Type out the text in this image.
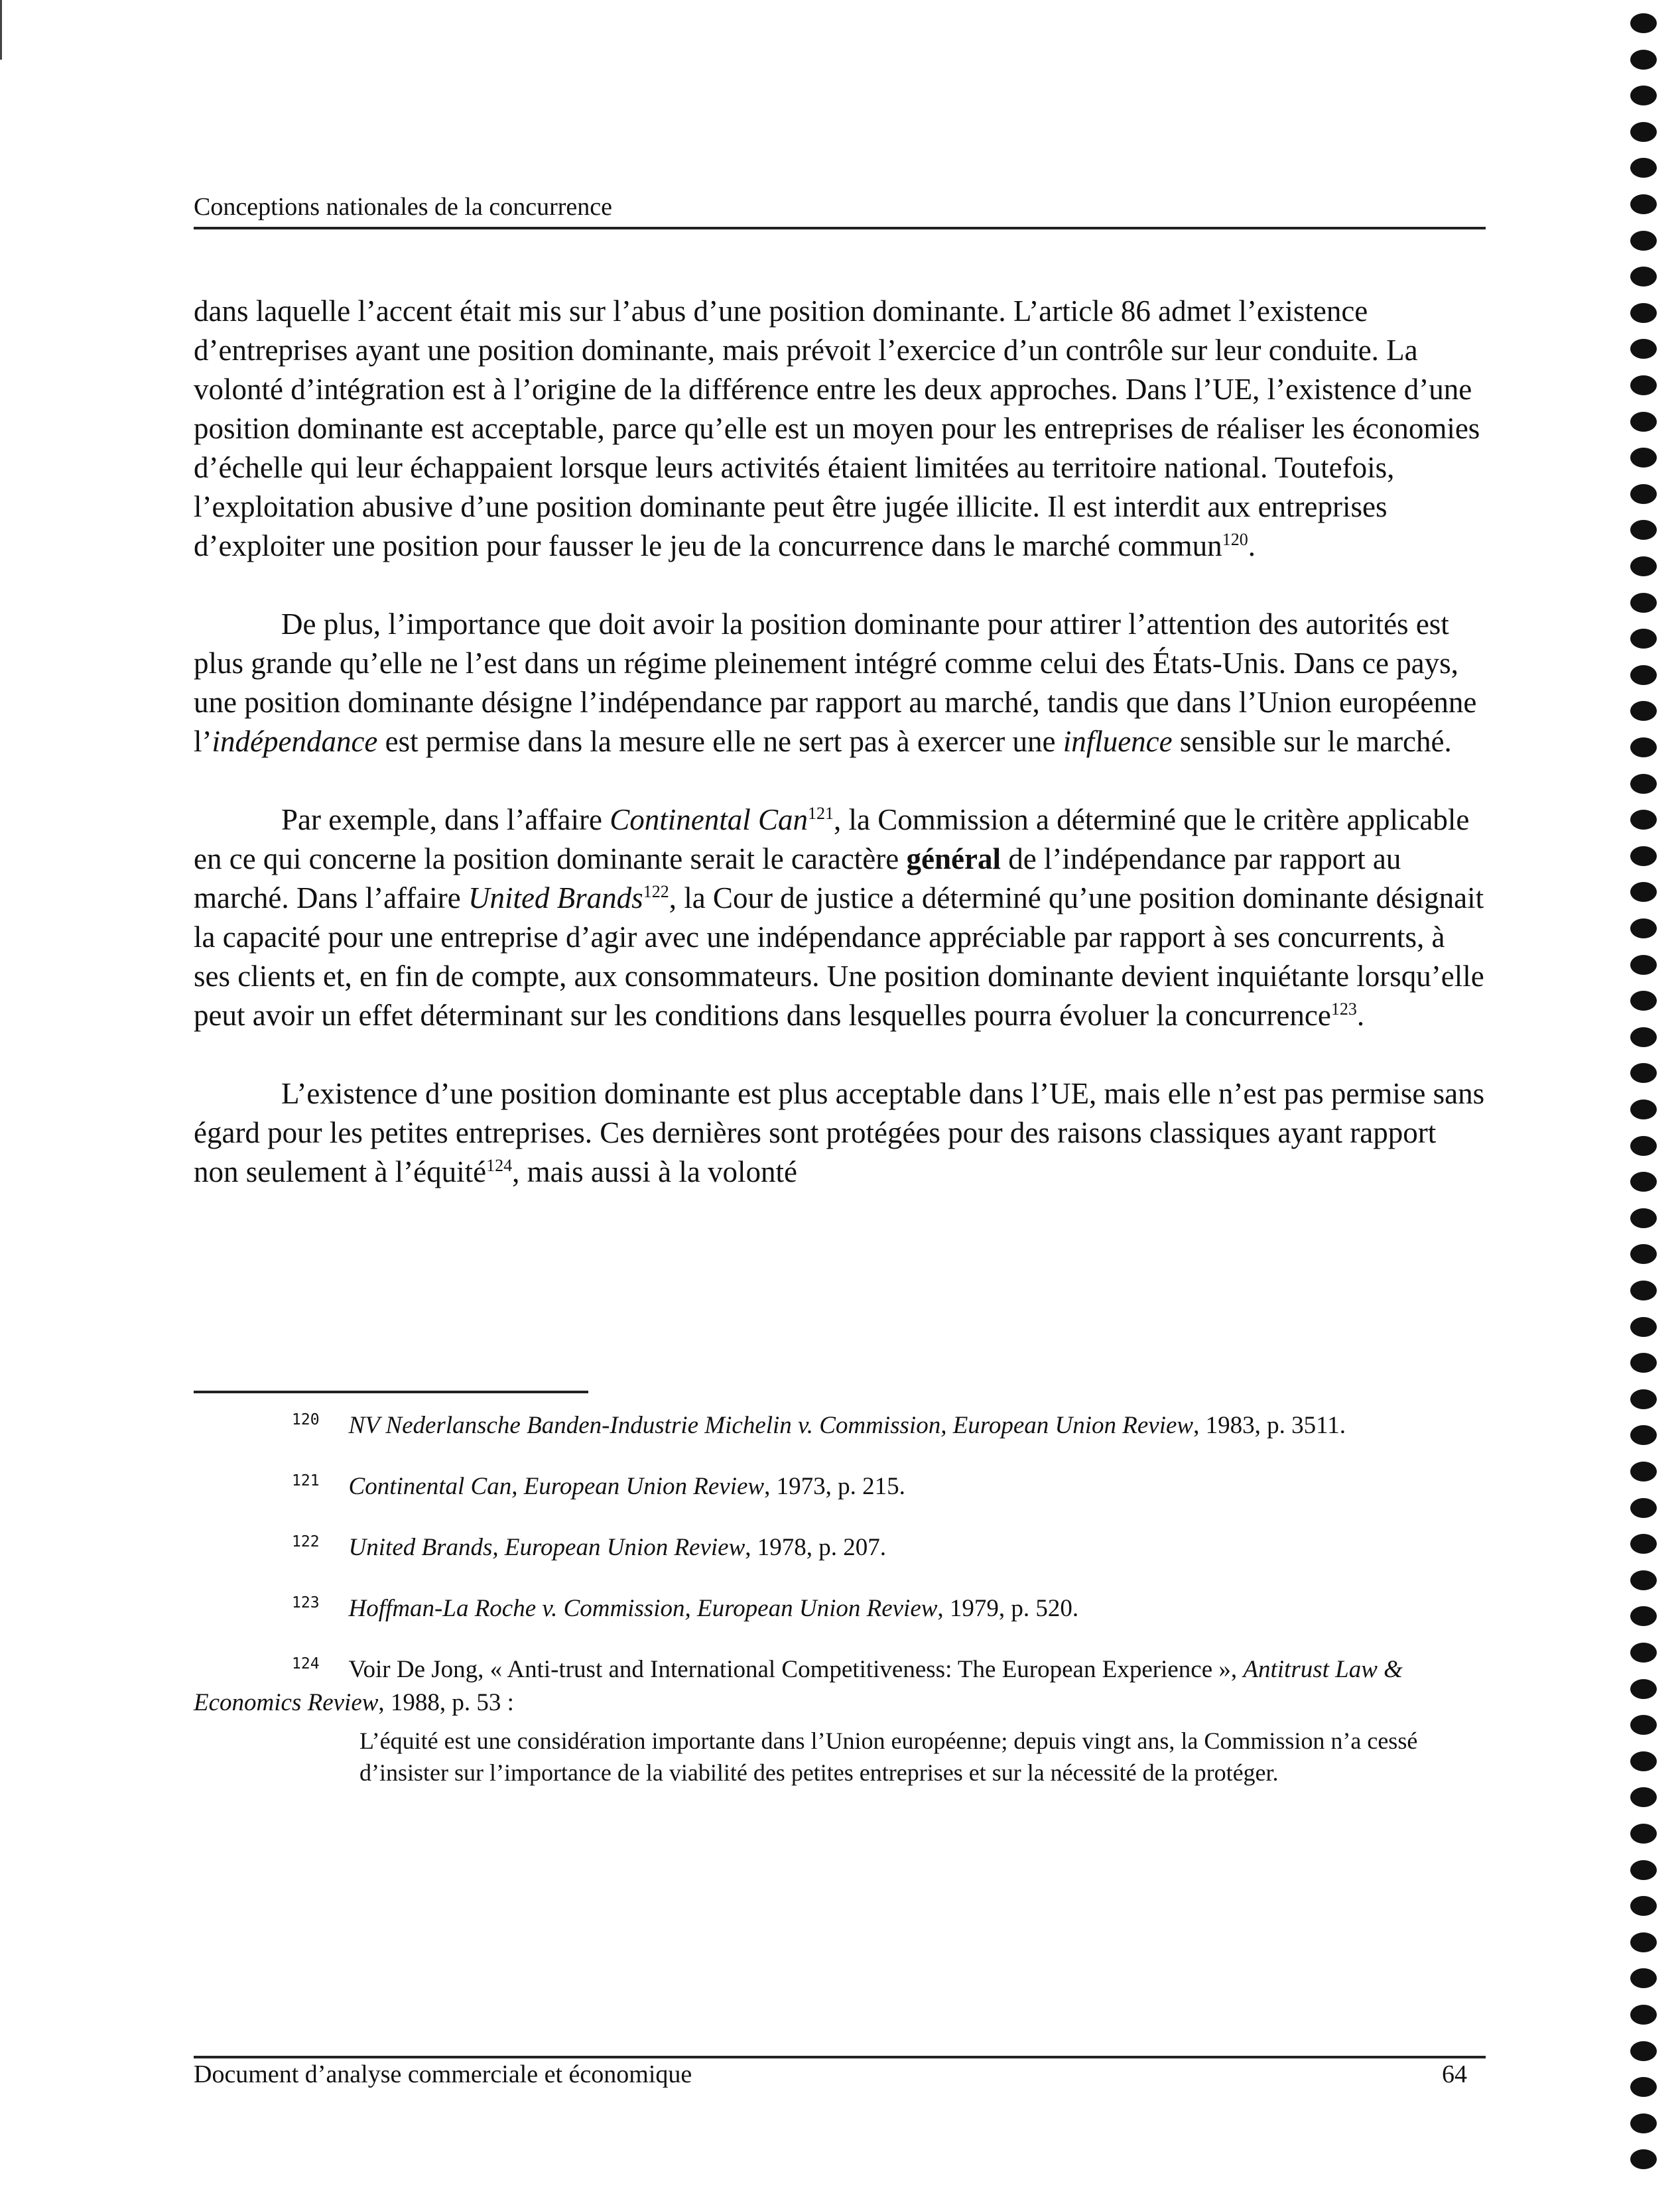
Conceptions nationales de la concurrence

dans laquelle l’accent était mis sur l’abus d’une position dominante. L’article 86 admet l’existence d’entreprises ayant une position dominante, mais prévoit l’exercice d’un contrôle sur leur conduite. La volonté d’intégration est à l’origine de la différence entre les deux approches. Dans l’UE, l’existence d’une position dominante est acceptable, parce qu’elle est un moyen pour les entreprises de réaliser les économies d’échelle qui leur échappaient lorsque leurs activités étaient limitées au territoire national. Toutefois, l’exploitation abusive d’une position dominante peut être jugée illicite. Il est interdit aux entreprises d’exploiter une position pour fausser le jeu de la concurrence dans le marché commun$^{120}$.

De plus, l’importance que doit avoir la position dominante pour attirer l’attention des autorités est plus grande qu’elle ne l’est dans un régime pleinement intégré comme celui des États-Unis. Dans ce pays, une position dominante désigne l’indépendance par rapport au marché, tandis que dans l’Union européenne l’indépendance est permise dans la mesure elle ne sert pas à exercer une influence sensible sur le marché.

Par exemple, dans l’affaire Continental Can$^{121}$, la Commission a déterminé que le critère applicable en ce qui concerne la position dominante serait le caractère général de l’indépendance par rapport au marché. Dans l’affaire United Brands$^{122}$, la Cour de justice a déterminé qu’une position dominante désignait la capacité pour une entreprise d’agir avec une indépendance appréciable par rapport à ses concurrents, à ses clients et, en fin de compte, aux consommateurs. Une position dominante devient inquiétante lorsqu’elle peut avoir un effet déterminant sur les conditions dans lesquelles pourra évoluer la concurrence$^{123}$.

L’existence d’une position dominante est plus acceptable dans l’UE, mais elle n’est pas permise sans égard pour les petites entreprises. Ces dernières sont protégées pour des raisons classiques ayant rapport non seulement à l’équité$^{124}$, mais aussi à la volonté

$^{120}$ NV Nederlansche Banden-Industrie Michelin v. Commission, European Union Review, 1983, p. 3511.
$^{121}$ Continental Can, European Union Review, 1973, p. 215.
$^{122}$ United Brands, European Union Review, 1978, p. 207.
$^{123}$ Hoffman-La Roche v. Commission, European Union Review, 1979, p. 520.
$^{124}$ Voir De Jong, « Anti-trust and International Competitiveness: The European Experience », Antitrust Law & Economics Review, 1988, p. 53 :
L’équité est une considération importante dans l’Union européenne; depuis vingt ans, la Commission n’a cessé d’insister sur l’importance de la viabilité des petites entreprises et sur la nécessité de la protéger.
Document d’analyse commerciale et économique	64
